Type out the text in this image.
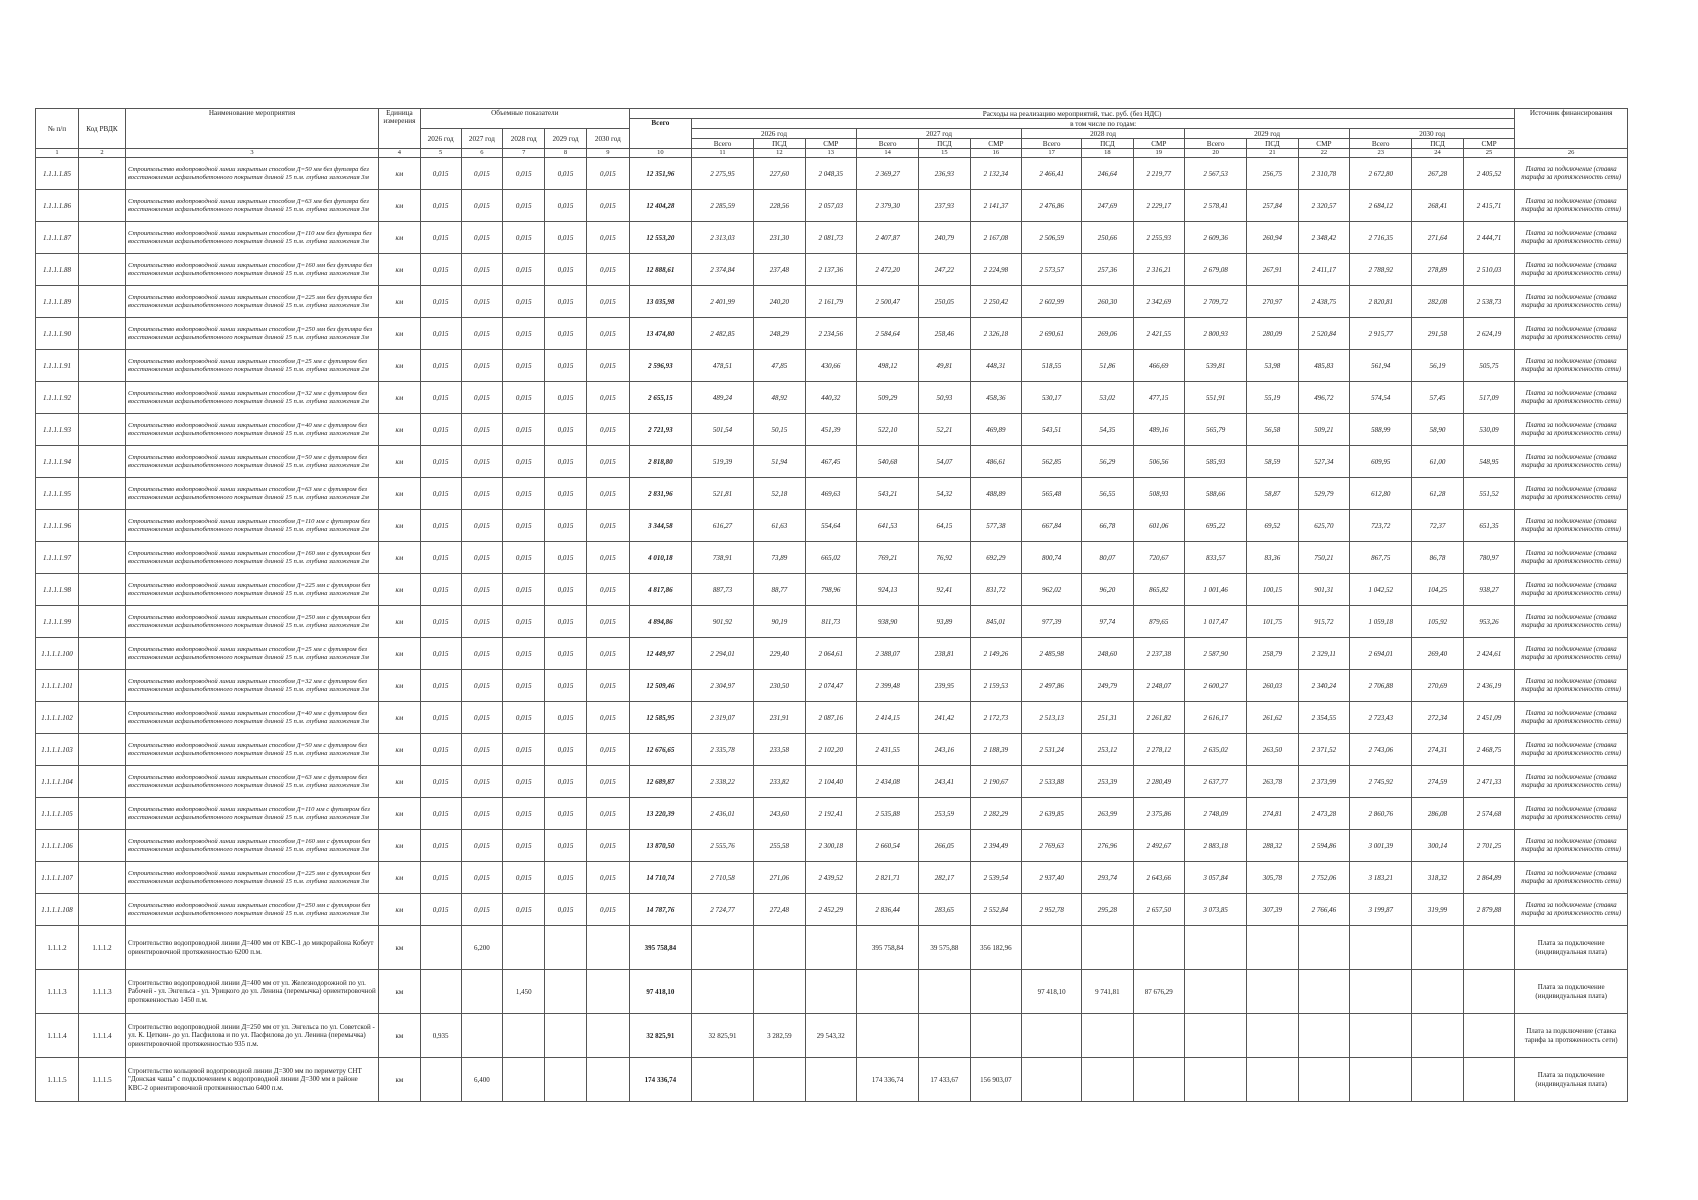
№ п/п	Код РВДК	Наименование мероприятия	Единица измерения	Объемные показатели					Расходы на реализацию мероприятий, тыс. руб. (без НДС)																Источник финансирования
									Всего	в том числе по годам:															
				2026 год	2027 год	2028 год	2029 год	2030 год		2026 год			2027 год			2028 год			2029 год			2030 год			
										Всего	ПСД	СМР	Всего	ПСД	СМР	Всего	ПСД	СМР	Всего	ПСД	СМР	Всего	ПСД	СМР	
1	2	3	4	5	6	7	8	9	10	11	12	13	14	15	16	17	18	19	20	21	22	23	24	25	26
1.1.1.1.85		Строительство водопроводной линии закрытым способом Д=50 мм без футляра без восстановления асфальтобетонного покрытия длиной 15 п.м. глубина заложения 3м	км	0,015	0,015	0,015	0,015	0,015	12 351,96	2 275,95	227,60	2 048,35	2 369,27	236,93	2 132,34	2 466,41	246,64	2 219,77	2 567,53	256,75	2 310,78	2 672,80	267,28	2 405,52	Плата за подключение (ставка тарифа за протяженность сети)
1.1.1.1.86		Строительство водопроводной линии закрытым способом Д=63 мм без футляра без восстановления асфальтобетонного покрытия длиной 15 п.м. глубина заложения 3м	км	0,015	0,015	0,015	0,015	0,015	12 404,28	2 285,59	228,56	2 057,03	2 379,30	237,93	2 141,37	2 476,86	247,69	2 229,17	2 578,41	257,84	2 320,57	2 684,12	268,41	2 415,71	Плата за подключение (ставка тарифа за протяженность сети)
1.1.1.1.87		Строительство водопроводной линии закрытым способом Д=110 мм без футляра без восстановления асфальтобетонного покрытия длиной 15 п.м. глубина заложения 3м	км	0,015	0,015	0,015	0,015	0,015	12 553,20	2 313,03	231,30	2 081,73	2 407,87	240,79	2 167,08	2 506,59	250,66	2 255,93	2 609,36	260,94	2 348,42	2 716,35	271,64	2 444,71	Плата за подключение (ставка тарифа за протяженность сети)
1.1.1.1.88		Строительство водопроводной линии закрытым способом Д=160 мм без футляра без восстановления асфальтобетонного покрытия длиной 15 п.м. глубина заложения 3м	км	0,015	0,015	0,015	0,015	0,015	12 888,61	2 374,84	237,48	2 137,36	2 472,20	247,22	2 224,98	2 573,57	257,36	2 316,21	2 679,08	267,91	2 411,17	2 788,92	278,89	2 510,03	Плата за подключение (ставка тарифа за протяженность сети)
1.1.1.1.89		Строительство водопроводной линии закрытым способом Д=225 мм без футляра без восстановления асфальтобетонного покрытия длиной 15 п.м. глубина заложения 3м	км	0,015	0,015	0,015	0,015	0,015	13 035,98	2 401,99	240,20	2 161,79	2 500,47	250,05	2 250,42	2 602,99	260,30	2 342,69	2 709,72	270,97	2 438,75	2 820,81	282,08	2 538,73	Плата за подключение (ставка тарифа за протяженность сети)
1.1.1.1.90		Строительство водопроводной линии закрытым способом Д=250 мм без футляра без восстановления асфальтобетонного покрытия длиной 15 п.м. глубина заложения 3м	км	0,015	0,015	0,015	0,015	0,015	13 474,80	2 482,85	248,29	2 234,56	2 584,64	258,46	2 326,18	2 690,61	269,06	2 421,55	2 800,93	280,09	2 520,84	2 915,77	291,58	2 624,19	Плата за подключение (ставка тарифа за протяженность сети)
1.1.1.1.91		Строительство водопроводной линии закрытым способом Д=25 мм с футляром без восстановления асфальтобетонного покрытия длиной 15 п.м. глубина заложения 2м	км	0,015	0,015	0,015	0,015	0,015	2 596,93	478,51	47,85	430,66	498,12	49,81	448,31	518,55	51,86	466,69	539,81	53,98	485,83	561,94	56,19	505,75	Плата за подключение (ставка тарифа за протяженность сети)
1.1.1.1.92		Строительство водопроводной линии закрытым способом Д=32 мм с футляром без восстановления асфальтобетонного покрытия длиной 15 п.м. глубина заложения 2м	км	0,015	0,015	0,015	0,015	0,015	2 655,15	489,24	48,92	440,32	509,29	50,93	458,36	530,17	53,02	477,15	551,91	55,19	496,72	574,54	57,45	517,09	Плата за подключение (ставка тарифа за протяженность сети)
1.1.1.1.93		Строительство водопроводной линии закрытым способом Д=40 мм с футляром без восстановления асфальтобетонного покрытия длиной 15 п.м. глубина заложения 2м	км	0,015	0,015	0,015	0,015	0,015	2 721,93	501,54	50,15	451,39	522,10	52,21	469,89	543,51	54,35	489,16	565,79	56,58	509,21	588,99	58,90	530,09	Плата за подключение (ставка тарифа за протяженность сети)
1.1.1.1.94		Строительство водопроводной линии закрытым способом Д=50 мм с футляром без восстановления асфальтобетонного покрытия длиной 15 п.м. глубина заложения 2м	км	0,015	0,015	0,015	0,015	0,015	2 818,80	519,39	51,94	467,45	540,68	54,07	486,61	562,85	56,29	506,56	585,93	58,59	527,34	609,95	61,00	548,95	Плата за подключение (ставка тарифа за протяженность сети)
1.1.1.1.95		Строительство водопроводной линии закрытым способом Д=63 мм с футляром без восстановления асфальтобетонного покрытия длиной 15 п.м. глубина заложения 2м	км	0,015	0,015	0,015	0,015	0,015	2 831,96	521,81	52,18	469,63	543,21	54,32	488,89	565,48	56,55	508,93	588,66	58,87	529,79	612,80	61,28	551,52	Плата за подключение (ставка тарифа за протяженность сети)
1.1.1.1.96		Строительство водопроводной линии закрытым способом Д=110 мм с футляром без восстановления асфальтобетонного покрытия длиной 15 п.м. глубина заложения 2м	км	0,015	0,015	0,015	0,015	0,015	3 344,58	616,27	61,63	554,64	641,53	64,15	577,38	667,84	66,78	601,06	695,22	69,52	625,70	723,72	72,37	651,35	Плата за подключение (ставка тарифа за протяженность сети)
1.1.1.1.97		Строительство водопроводной линии закрытым способом Д=160 мм с футляром без восстановления асфальтобетонного покрытия длиной 15 п.м. глубина заложения 2м	км	0,015	0,015	0,015	0,015	0,015	4 010,18	738,91	73,89	665,02	769,21	76,92	692,29	800,74	80,07	720,67	833,57	83,36	750,21	867,75	86,78	780,97	Плата за подключение (ставка тарифа за протяженность сети)
1.1.1.1.98		Строительство водопроводной линии закрытым способом Д=225 мм с футляром без восстановления асфальтобетонного покрытия длиной 15 п.м. глубина заложения 2м	км	0,015	0,015	0,015	0,015	0,015	4 817,86	887,73	88,77	798,96	924,13	92,41	831,72	962,02	96,20	865,82	1 001,46	100,15	901,31	1 042,52	104,25	938,27	Плата за подключение (ставка тарифа за протяженность сети)
1.1.1.1.99		Строительство водопроводной линии закрытым способом Д=250 мм с футляром без восстановления асфальтобетонного покрытия длиной 15 п.м. глубина заложения 2м	км	0,015	0,015	0,015	0,015	0,015	4 894,86	901,92	90,19	811,73	938,90	93,89	845,01	977,39	97,74	879,65	1 017,47	101,75	915,72	1 059,18	105,92	953,26	Плата за подключение (ставка тарифа за протяженность сети)
1.1.1.1.100		Строительство водопроводной линии закрытым способом Д=25 мм с футляром без восстановления асфальтобетонного покрытия длиной 15 п.м. глубина заложения 3м	км	0,015	0,015	0,015	0,015	0,015	12 449,97	2 294,01	229,40	2 064,61	2 388,07	238,81	2 149,26	2 485,98	248,60	2 237,38	2 587,90	258,79	2 329,11	2 694,01	269,40	2 424,61	Плата за подключение (ставка тарифа за протяженность сети)
1.1.1.1.101		Строительство водопроводной линии закрытым способом Д=32 мм с футляром без восстановления асфальтобетонного покрытия длиной 15 п.м. глубина заложения 3м	км	0,015	0,015	0,015	0,015	0,015	12 509,46	2 304,97	230,50	2 074,47	2 399,48	239,95	2 159,53	2 497,86	249,79	2 248,07	2 600,27	260,03	2 340,24	2 706,88	270,69	2 436,19	Плата за подключение (ставка тарифа за протяженность сети)
1.1.1.1.102		Строительство водопроводной линии закрытым способом Д=40 мм с футляром без восстановления асфальтобетонного покрытия длиной 15 п.м. глубина заложения 3м	км	0,015	0,015	0,015	0,015	0,015	12 585,95	2 319,07	231,91	2 087,16	2 414,15	241,42	2 172,73	2 513,13	251,31	2 261,82	2 616,17	261,62	2 354,55	2 723,43	272,34	2 451,09	Плата за подключение (ставка тарифа за протяженность сети)
1.1.1.1.103		Строительство водопроводной линии закрытым способом Д=50 мм с футляром без восстановления асфальтобетонного покрытия длиной 15 п.м. глубина заложения 3м	км	0,015	0,015	0,015	0,015	0,015	12 676,65	2 335,78	233,58	2 102,20	2 431,55	243,16	2 188,39	2 531,24	253,12	2 278,12	2 635,02	263,50	2 371,52	2 743,06	274,31	2 468,75	Плата за подключение (ставка тарифа за протяженность сети)
1.1.1.1.104		Строительство водопроводной линии закрытым способом Д=63 мм с футляром без восстановления асфальтобетонного покрытия длиной 15 п.м. глубина заложения 3м	км	0,015	0,015	0,015	0,015	0,015	12 689,87	2 338,22	233,82	2 104,40	2 434,08	243,41	2 190,67	2 533,88	253,39	2 280,49	2 637,77	263,78	2 373,99	2 745,92	274,59	2 471,33	Плата за подключение (ставка тарифа за протяженность сети)
1.1.1.1.105		Строительство водопроводной линии закрытым способом Д=110 мм с футляром без восстановления асфальтобетонного покрытия длиной 15 п.м. глубина заложения 3м	км	0,015	0,015	0,015	0,015	0,015	13 220,39	2 436,01	243,60	2 192,41	2 535,88	253,59	2 282,29	2 639,85	263,99	2 375,86	2 748,09	274,81	2 473,28	2 860,76	286,08	2 574,68	Плата за подключение (ставка тарифа за протяженность сети)
1.1.1.1.106		Строительство водопроводной линии закрытым способом Д=160 мм с футляром без восстановления асфальтобетонного покрытия длиной 15 п.м. глубина заложения 3м	км	0,015	0,015	0,015	0,015	0,015	13 870,50	2 555,76	255,58	2 300,18	2 660,54	266,05	2 394,49	2 769,63	276,96	2 492,67	2 883,18	288,32	2 594,86	3 001,39	300,14	2 701,25	Плата за подключение (ставка тарифа за протяженность сети)
1.1.1.1.107		Строительство водопроводной линии закрытым способом Д=225 мм с футляром без восстановления асфальтобетонного покрытия длиной 15 п.м. глубина заложения 3м	км	0,015	0,015	0,015	0,015	0,015	14 710,74	2 710,58	271,06	2 439,52	2 821,71	282,17	2 539,54	2 937,40	293,74	2 643,66	3 057,84	305,78	2 752,06	3 183,21	318,32	2 864,89	Плата за подключение (ставка тарифа за протяженность сети)
1.1.1.1.108		Строительство водопроводной линии закрытым способом Д=250 мм с футляром без восстановления асфальтобетонного покрытия длиной 15 п.м. глубина заложения 3м	км	0,015	0,015	0,015	0,015	0,015	14 787,76	2 724,77	272,48	2 452,29	2 836,44	283,65	2 552,84	2 952,78	295,28	2 657,50	3 073,85	307,39	2 766,46	3 199,87	319,99	2 879,88	Плата за подключение (ставка тарифа за протяженность сети)
1.1.1.2	1.1.1.2	Строительство водопроводной линии Д=400 мм от КВС-1 до микрорайона Кобеут ориентировочной протяженностью 6200 п.м.	км		6,200				395 758,84				395 758,84	39 575,88	356 182,96										Плата за подключение (индивидуальная плата)
1.1.1.3	1.1.1.3	Строительство водопроводной линии Д=400 мм от ул. Железнодорожной по ул. Рабочей - ул. Энгельса - ул. Урицкого до ул. Ленина (перемычка) ориентировочной протяженностью 1450 п.м.	км			1,450			97 418,10							97 418,10	9 741,81	87 676,29							Плата за подключение (индивидуальная плата)
1.1.1.4	1.1.1.4	Строительство водопроводной линии Д=250 мм от ул. Энгельса по ул. Советской - ул. К. Цеткин- до ул. Пасфилова и по ул. Пасфилова до ул. Ленина (перемычка) ориентировочной протяженностью 935 п.м.	км	0,935					32 825,91	32 825,91	3 282,59	29 543,32													Плата за подключение (ставка тарифа за протяженность сети)
1.1.1.5	1.1.1.5	Строительство кольцевой водопроводной линии Д=300 мм по периметру СНТ "Донская чаша" с подключением к водопроводной линии Д=300 мм в районе КВС-2 ориентировочной протяженностью 6400 п.м.	км		6,400				174 336,74				174 336,74	17 433,67	156 903,07										Плата за подключение (индивидуальная плата)
